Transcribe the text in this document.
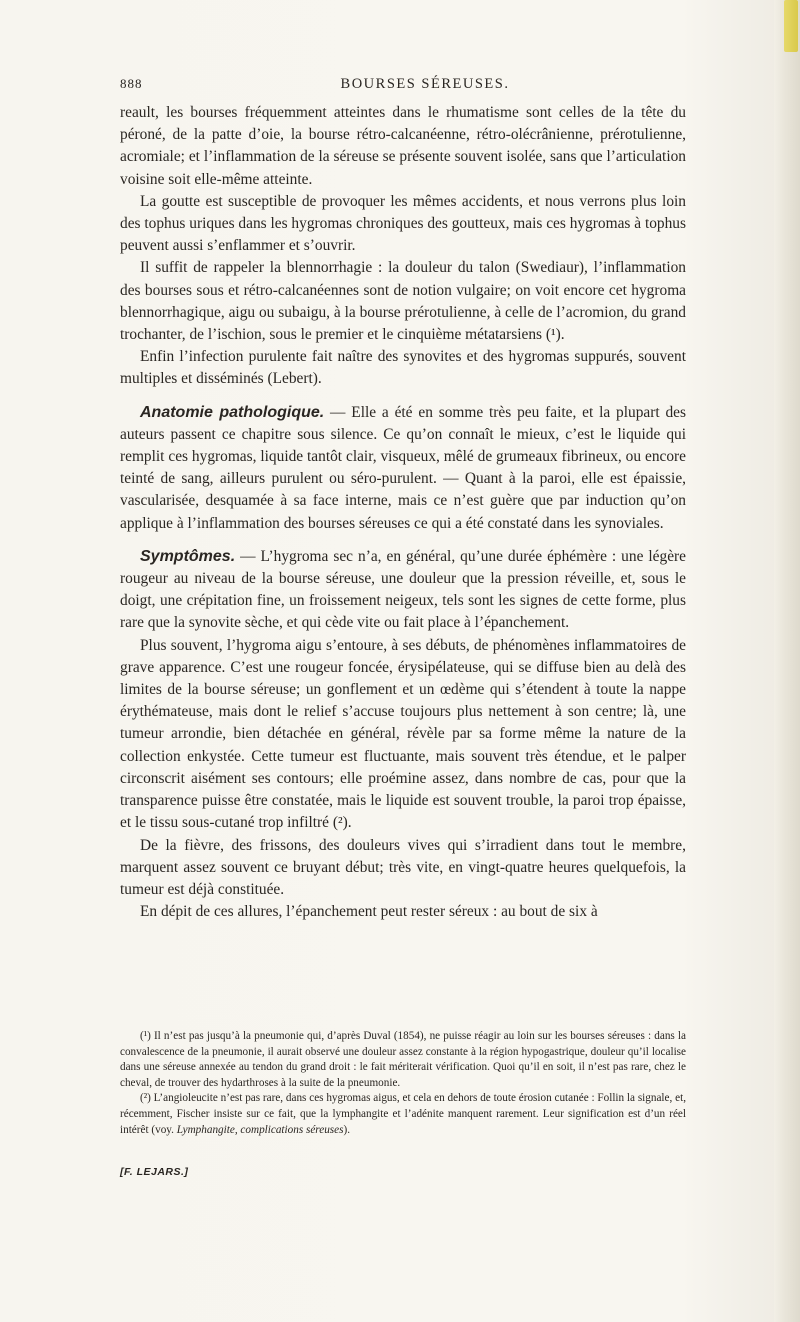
888	BOURSES SÉREUSES.

reault, les bourses fréquemment atteintes dans le rhumatisme sont celles de la tête du péroné, de la patte d’oie, la bourse rétro-calcanéenne, rétro-olécrânienne, prérotulienne, acromiale; et l’inflammation de la séreuse se présente souvent isolée, sans que l’articulation voisine soit elle-même atteinte.

La goutte est susceptible de provoquer les mêmes accidents, et nous verrons plus loin des tophus uriques dans les hygromas chroniques des goutteux, mais ces hygromas à tophus peuvent aussi s’enflammer et s’ouvrir.

Il suffit de rappeler la blennorrhagie : la douleur du talon (Swediaur), l’inflammation des bourses sous et rétro-calcanéennes sont de notion vulgaire; on voit encore cet hygroma blennorrhagique, aigu ou subaigu, à la bourse prérotulienne, à celle de l’acromion, du grand trochanter, de l’ischion, sous le premier et le cinquième métatarsiens (¹).

Enfin l’infection purulente fait naître des synovites et des hygromas suppurés, souvent multiples et disséminés (Lebert).

Anatomie pathologique. — Elle a été en somme très peu faite, et la plupart des auteurs passent ce chapitre sous silence. Ce qu’on connaît le mieux, c’est le liquide qui remplit ces hygromas, liquide tantôt clair, visqueux, mêlé de grumeaux fibrineux, ou encore teinté de sang, ailleurs purulent ou séro-purulent. — Quant à la paroi, elle est épaissie, vascularisée, desquamée à sa face interne, mais ce n’est guère que par induction qu’on applique à l’inflammation des bourses séreuses ce qui a été constaté dans les synoviales.

Symptômes. — L’hygroma sec n’a, en général, qu’une durée éphémère : une légère rougeur au niveau de la bourse séreuse, une douleur que la pression réveille, et, sous le doigt, une crépitation fine, un froissement neigeux, tels sont les signes de cette forme, plus rare que la synovite sèche, et qui cède vite ou fait place à l’épanchement.

Plus souvent, l’hygroma aigu s’entoure, à ses débuts, de phénomènes inflammatoires de grave apparence. C’est une rougeur foncée, érysipélateuse, qui se diffuse bien au delà des limites de la bourse séreuse; un gonflement et un œdème qui s’étendent à toute la nappe érythémateuse, mais dont le relief s’accuse toujours plus nettement à son centre; là, une tumeur arrondie, bien détachée en général, révèle par sa forme même la nature de la collection enkystée. Cette tumeur est fluctuante, mais souvent très étendue, et le palper circonscrit aisément ses contours; elle proémine assez, dans nombre de cas, pour que la transparence puisse être constatée, mais le liquide est souvent trouble, la paroi trop épaisse, et le tissu sous-cutané trop infiltré (²).

De la fièvre, des frissons, des douleurs vives qui s’irradient dans tout le membre, marquent assez souvent ce bruyant début; très vite, en vingt-quatre heures quelquefois, la tumeur est déjà constituée.

En dépit de ces allures, l’épanchement peut rester séreux : au bout de six à

(¹) Il n’est pas jusqu’à la pneumonie qui, d’après Duval (1854), ne puisse réagir au loin sur les bourses séreuses : dans la convalescence de la pneumonie, il aurait observé une douleur assez constante à la région hypogastrique, douleur qu’il localise dans une séreuse annexée au tendon du grand droit : le fait mériterait vérification. Quoi qu’il en soit, il n’est pas rare, chez le cheval, de trouver des hydarthroses à la suite de la pneumonie.

(²) L’angioleucite n’est pas rare, dans ces hygromas aigus, et cela en dehors de toute érosion cutanée : Follin la signale, et, récemment, Fischer insiste sur ce fait, que la lymphangite et l’adénite manquent rarement. Leur signification est d’un réel intérêt (voy. Lymphangite, complications séreuses).

[F. LEJARS.]
